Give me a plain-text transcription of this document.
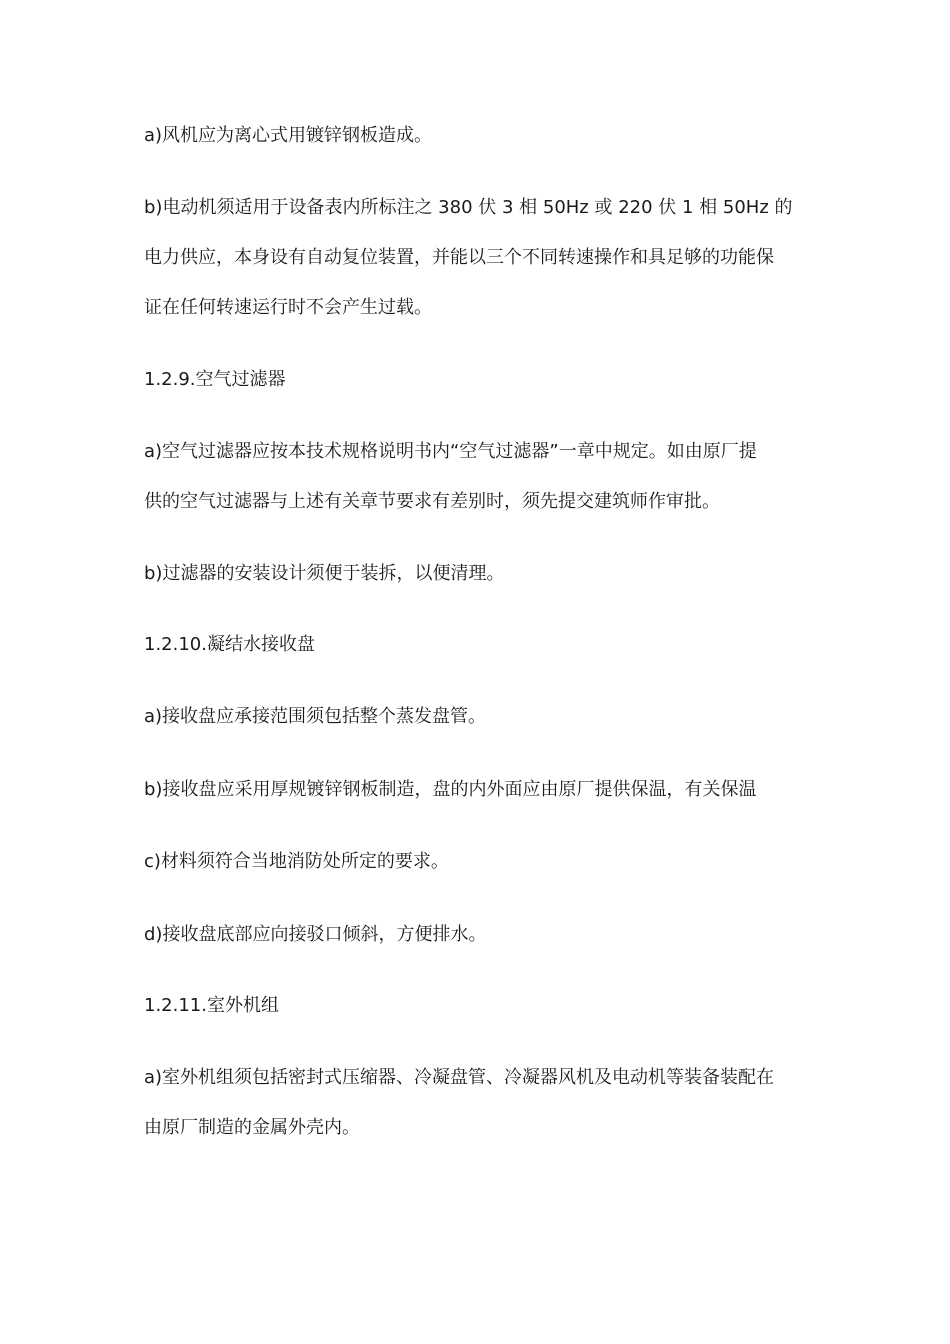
a)风机应为离心式用镀锌钢板造成。

b)电动机须适用于设备表内所标注之 380 伏 3 相 50Hz 或 220 伏 1 相 50Hz 的
电力供应，本身设有自动复位装置，并能以三个不同转速操作和具足够的功能保
证在任何转速运行时不会产生过载。

1.2.9.空气过滤器

a)空气过滤器应按本技术规格说明书内“空气过滤器”一章中规定。如由原厂提
供的空气过滤器与上述有关章节要求有差别时，须先提交建筑师作审批。

b)过滤器的安装设计须便于装拆，以便清理。

1.2.10.凝结水接收盘

a)接收盘应承接范围须包括整个蒸发盘管。

b)接收盘应采用厚规镀锌钢板制造，盘的内外面应由原厂提供保温，有关保温

c)材料须符合当地消防处所定的要求。

d)接收盘底部应向接驳口倾斜，方便排水。

1.2.11.室外机组

a)室外机组须包括密封式压缩器、冷凝盘管、冷凝器风机及电动机等装备装配在
由原厂制造的金属外壳内。
